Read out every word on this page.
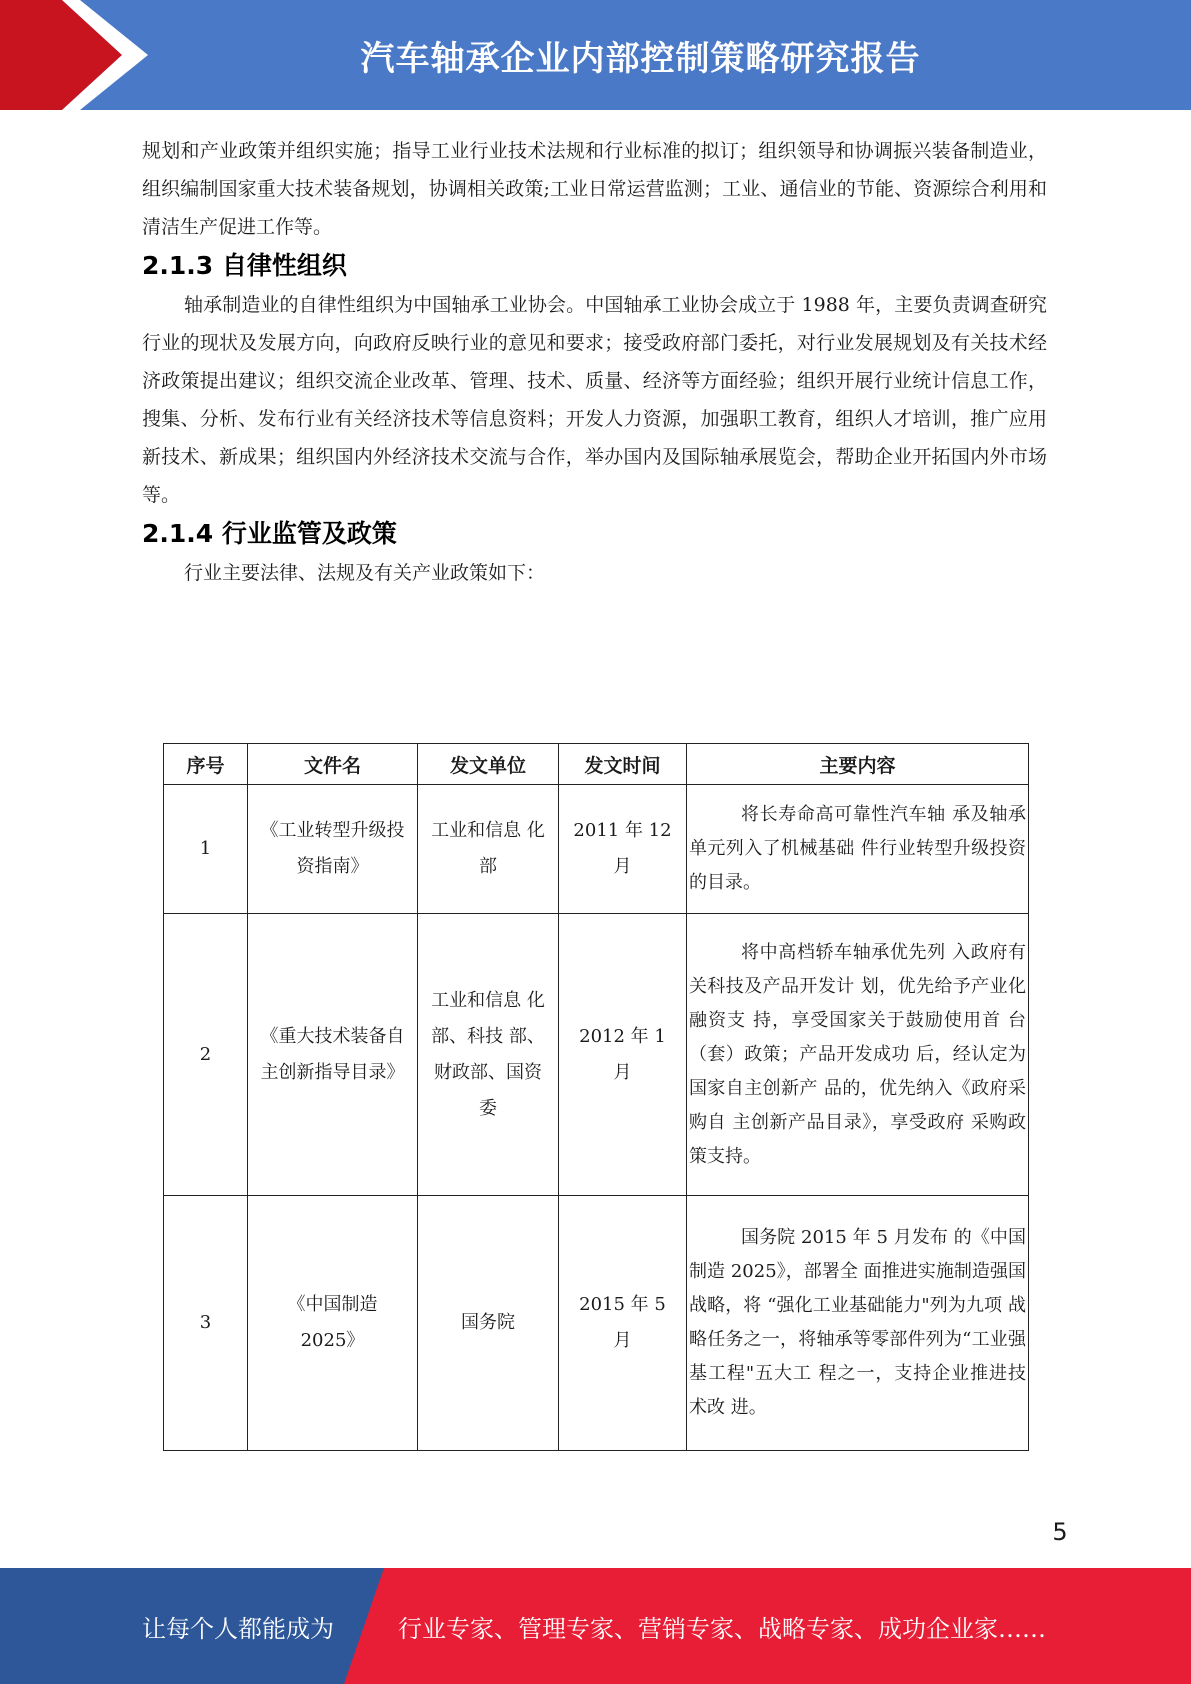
汽车轴承企业内部控制策略研究报告

规划和产业政策并组织实施；指导工业行业技术法规和行业标准的拟订；组织领导和协调振兴装备制造业，组织编制国家重大技术装备规划，协调相关政策;工业日常运营监测；工业、通信业的节能、资源综合利用和清洁生产促进工作等。

2.1.3 自律性组织

轴承制造业的自律性组织为中国轴承工业协会。中国轴承工业协会成立于 1988 年，主要负责调查研究行业的现状及发展方向，向政府反映行业的意见和要求；接受政府部门委托，对行业发展规划及有关技术经济政策提出建议；组织交流企业改革、管理、技术、质量、经济等方面经验；组织开展行业统计信息工作，搜集、分析、发布行业有关经济技术等信息资料；开发人力资源，加强职工教育，组织人才培训，推广应用新技术、新成果；组织国内外经济技术交流与合作，举办国内及国际轴承展览会，帮助企业开拓国内外市场等。

2.1.4 行业监管及政策

行业主要法律、法规及有关产业政策如下：

序号	文件名	发文单位	发文时间	主要内容
1	《工业转型升级投资指南》	工业和信息 化部	2011 年 12 月	将长寿命高可靠性汽车轴 承及轴承单元列入了机械基础 件行业转型升级投资的目录。

2	《重大技术装备自主创新指导目录》	工业和信息 化部、科技 部、财政部、国资委	2012 年 1 月	将中高档轿车轴承优先列 入政府有关科技及产品开发计 划，优先给予产业化融资支 持，享受国家关于鼓励使用首 台（套）政策；产品开发成功 后，经认定为国家自主创新产 品的，优先纳入《政府采购自 主创新产品目录》，享受政府 采购政策支持。

3	《中国制造 2025》	国务院	2015 年 5 月	国务院 2015 年 5 月发布 的《中国制造 2025》，部署全 面推进实施制造强国战略，将 “强化工业基础能力"列为九项 战略任务之一，将轴承等零部件列为“工业强基工程"五大工 程之一，支持企业推进技术改 进。
5
让每个人都能成为	行业专家、管理专家、营销专家、战略专家、成功企业家……
